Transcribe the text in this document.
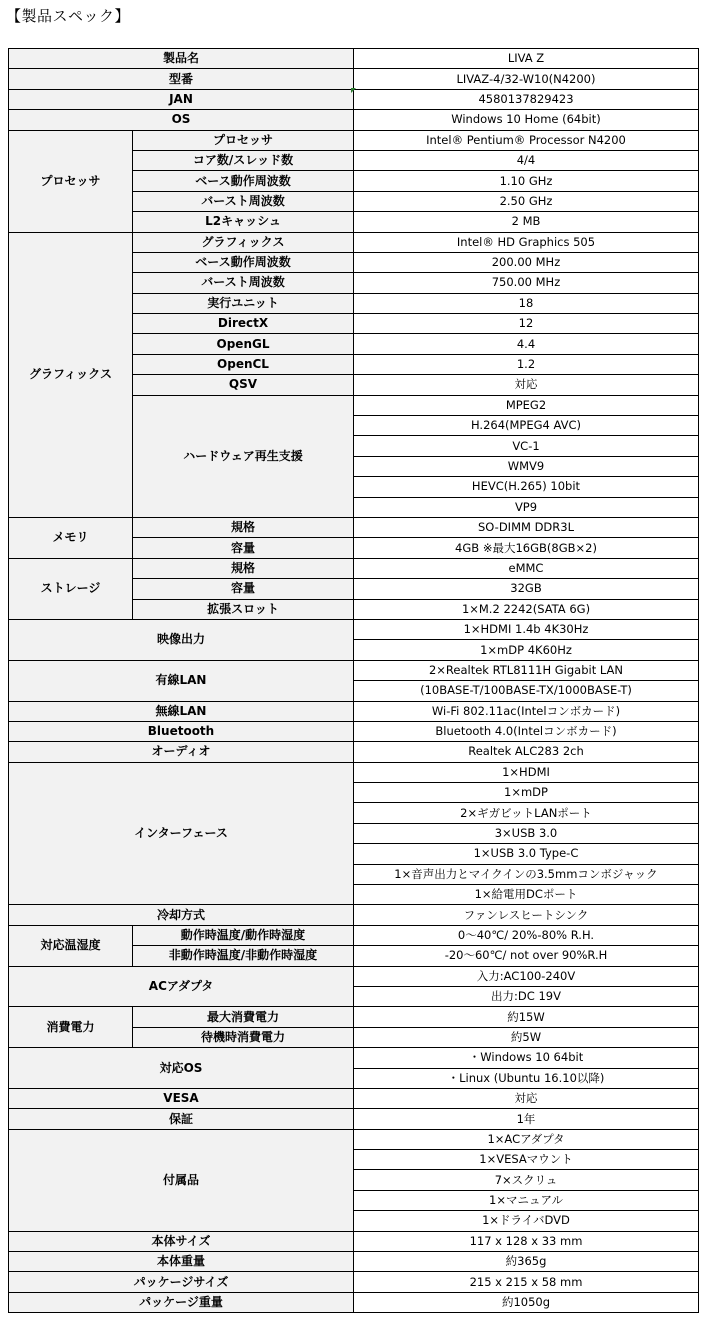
【製品スペック】
製品名		LIVA Z
型番		LIVAZ-4/32-W10(N4200)
JAN		4580137829423
OS		Windows 10 Home (64bit)
プロセッサ	プロセッサ	Intel® Pentium® Processor N4200
	コア数/スレッド数	4/4
	ベース動作周波数	1.10 GHz
	バースト周波数	2.50 GHz
	L2キャッシュ	2 MB
グラフィックス	グラフィックス	Intel® HD Graphics 505
	ベース動作周波数	200.00 MHz
	バースト周波数	750.00 MHz
	実行ユニット	18
	DirectX	12
	OpenGL	4.4
	OpenCL	1.2
	QSV	対応
	ハードウェア再生支援	MPEG2
		H.264(MPEG4 AVC)
		VC-1
		WMV9
		HEVC(H.265) 10bit
		VP9
メモリ	規格	SO-DIMM DDR3L
	容量	4GB ※最大16GB(8GB×2)
ストレージ	規格	eMMC
	容量	32GB
	拡張スロット	1×M.2 2242(SATA 6G)
映像出力		1×HDMI 1.4b 4K30Hz
		1×mDP 4K60Hz
有線LAN		2×Realtek RTL8111H Gigabit LAN
		(10BASE-T/100BASE-TX/1000BASE-T)
無線LAN		Wi-Fi 802.11ac(Intelコンボカード)
Bluetooth		Bluetooth 4.0(Intelコンボカード)
オーディオ		Realtek ALC283 2ch
インターフェース		1×HDMI
		1×mDP
		2×ギガビットLANポート
		3×USB 3.0
		1×USB 3.0 Type-C
		1×音声出力とマイクインの3.5mmコンボジャック
		1×給電用DCポート
冷却方式		ファンレスヒートシンク
対応温湿度	動作時温度/動作時湿度	0～40℃/ 20%-80% R.H.
	非動作時温度/非動作時湿度	-20～60℃/ not over 90%R.H
ACアダプタ		入力:AC100-240V
		出力:DC 19V
消費電力	最大消費電力	約15W
	待機時消費電力	約5W
対応OS		・Windows 10 64bit
		・Linux (Ubuntu 16.10以降)
VESA		対応
保証		1年
付属品		1×ACアダプタ
		1×VESAマウント
		7×スクリュ
		1×マニュアル
		1×ドライバDVD
本体サイズ		117 x 128 x 33 mm
本体重量		約365g
パッケージサイズ		215 x 215 x 58 mm
パッケージ重量		約1050g
